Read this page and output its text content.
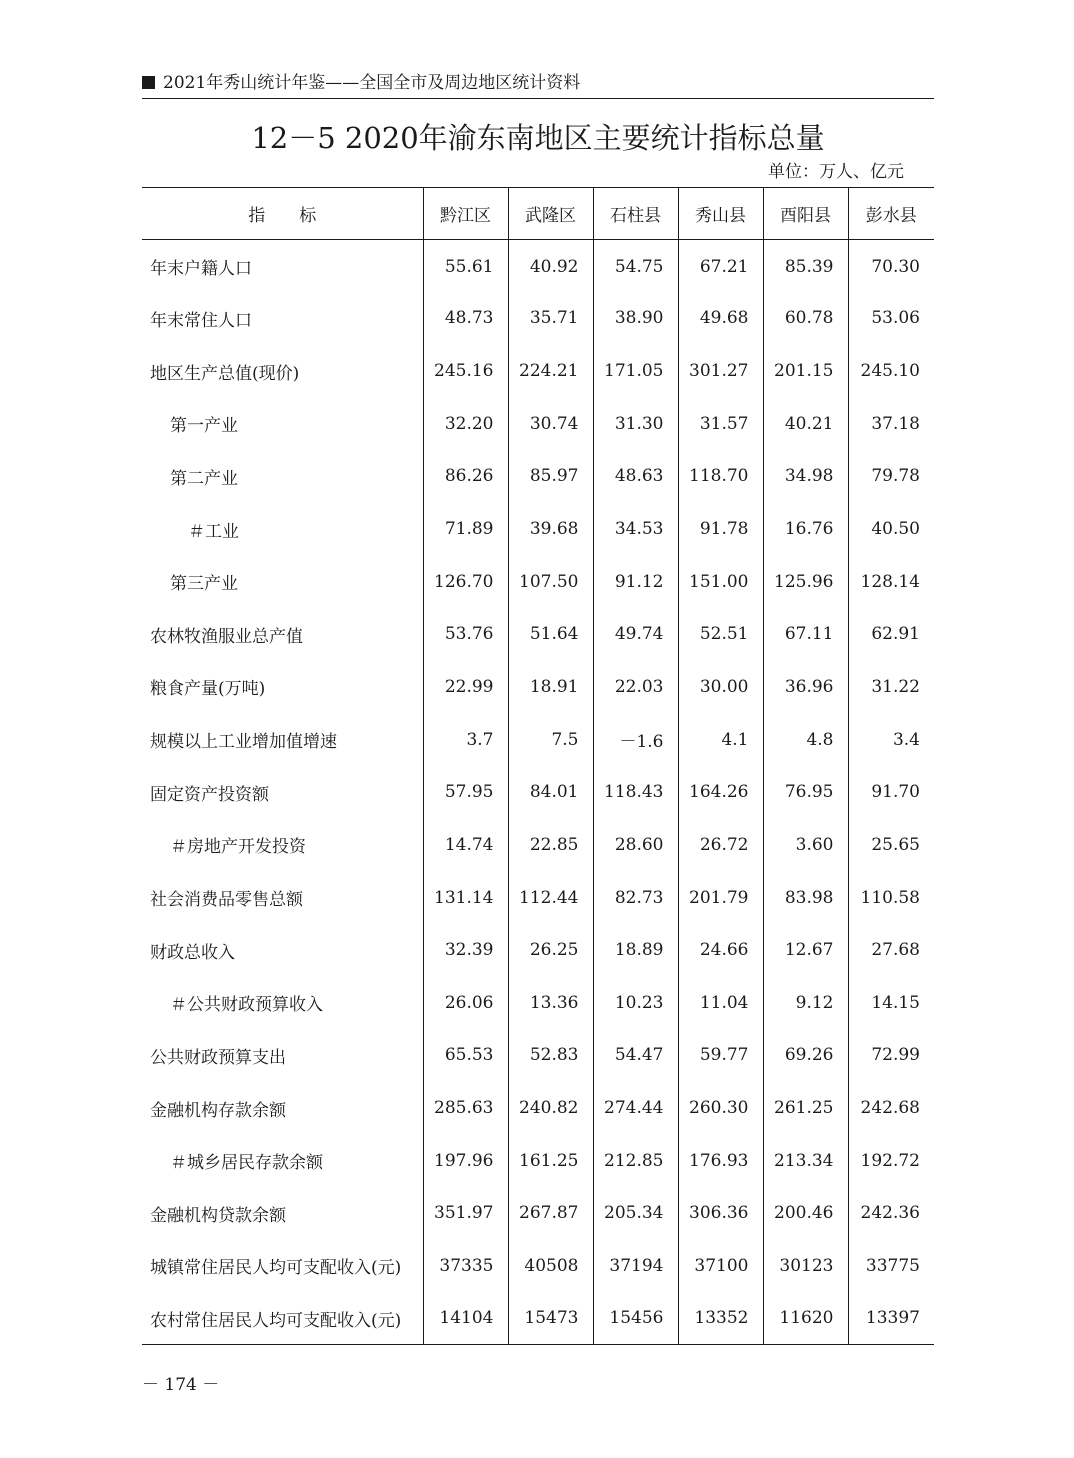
2021年秀山统计年鉴——全国全市及周边地区统计资料
12－5 2020年渝东南地区主要统计指标总量
单位：万人、亿元
指　　标	黔江区	武隆区	石柱县	秀山县	酉阳县	彭水县
年末户籍人口	55.61	40.92	54.75	67.21	85.39	70.30
年末常住人口	48.73	35.71	38.90	49.68	60.78	53.06
地区生产总值(现价)	245.16	224.21	171.05	301.27	201.15	245.10
第一产业	32.20	30.74	31.30	31.57	40.21	37.18
第二产业	86.26	85.97	48.63	118.70	34.98	79.78
＃工业	71.89	39.68	34.53	91.78	16.76	40.50
第三产业	126.70	107.50	91.12	151.00	125.96	128.14
农林牧渔服业总产值	53.76	51.64	49.74	52.51	67.11	62.91
粮食产量(万吨)	22.99	18.91	22.03	30.00	36.96	31.22
规模以上工业增加值增速	3.7	7.5	－1.6	4.1	4.8	3.4
固定资产投资额	57.95	84.01	118.43	164.26	76.95	91.70
＃房地产开发投资	14.74	22.85	28.60	26.72	3.60	25.65
社会消费品零售总额	131.14	112.44	82.73	201.79	83.98	110.58
财政总收入	32.39	26.25	18.89	24.66	12.67	27.68
＃公共财政预算收入	26.06	13.36	10.23	11.04	9.12	14.15
公共财政预算支出	65.53	52.83	54.47	59.77	69.26	72.99
金融机构存款余额	285.63	240.82	274.44	260.30	261.25	242.68
＃城乡居民存款余额	197.96	161.25	212.85	176.93	213.34	192.72
金融机构贷款余额	351.97	267.87	205.34	306.36	200.46	242.36
城镇常住居民人均可支配收入(元)	37335	40508	37194	37100	30123	33775
农村常住居民人均可支配收入(元)	14104	15473	15456	13352	11620	13397
－ 174 －
